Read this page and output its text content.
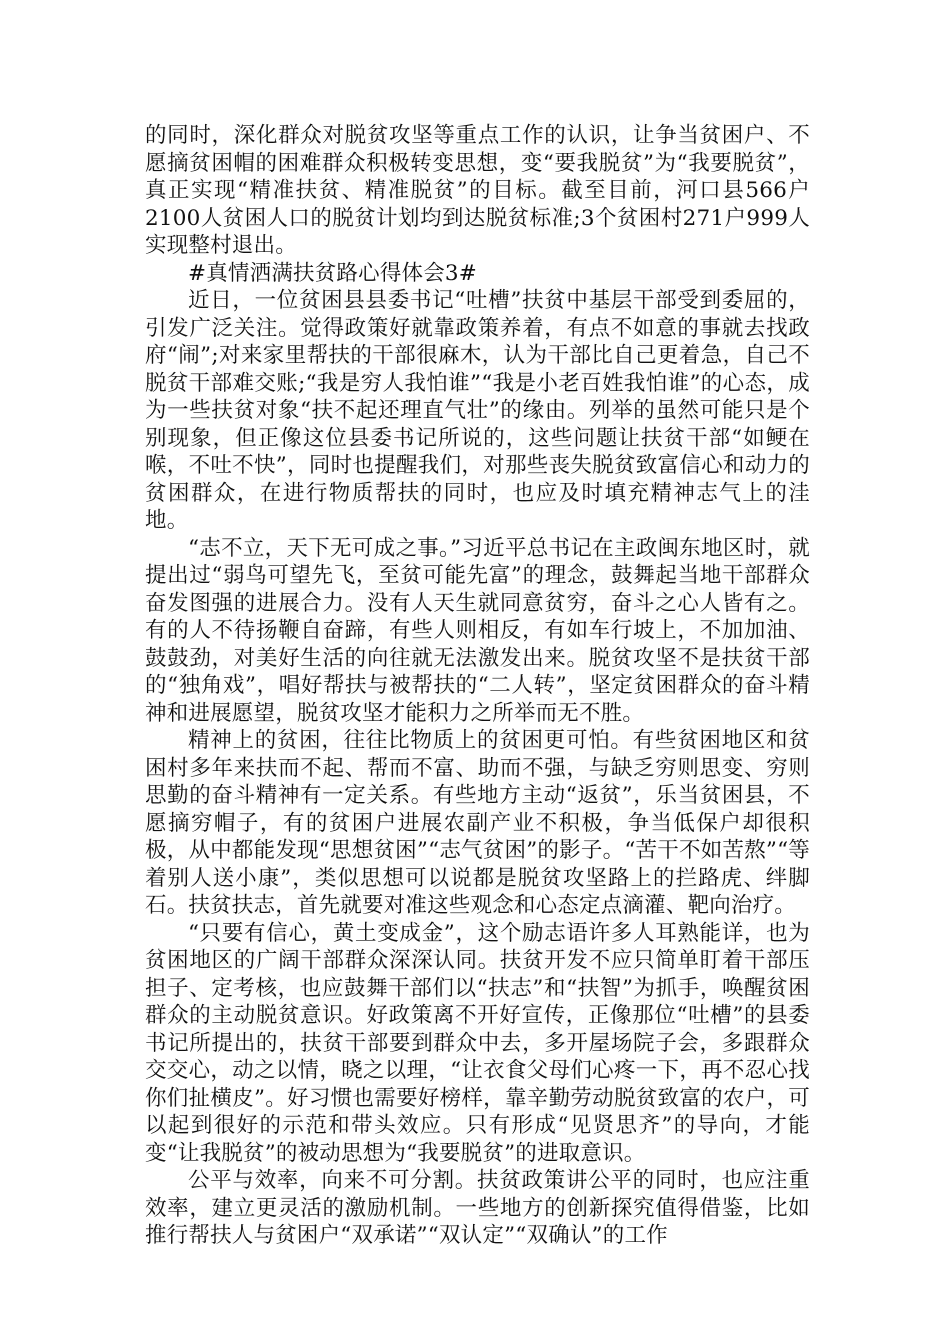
的同时，深化群众对脱贫攻坚等重点工作的认识，让争当贫困户、不愿摘贫困帽的困难群众积极转变思想，变“要我脱贫”为“我要脱贫”，真正实现“精准扶贫、精准脱贫”的目标。截至目前，河口县566户2100人贫困人口的脱贫计划均到达脱贫标准;3个贫困村271户999人实现整村退出。

#真情洒满扶贫路心得体会3#

近日，一位贫困县县委书记“吐槽”扶贫中基层干部受到委屈的，引发广泛关注。觉得政策好就靠政策养着，有点不如意的事就去找政府“闹”;对来家里帮扶的干部很麻木，认为干部比自己更着急，自己不脱贫干部难交账;“我是穷人我怕谁”“我是小老百姓我怕谁”的心态，成为一些扶贫对象“扶不起还理直气壮”的缘由。列举的虽然可能只是个别现象，但正像这位县委书记所说的，这些问题让扶贫干部“如鲠在喉，不吐不快”，同时也提醒我们，对那些丧失脱贫致富信心和动力的贫困群众，在进行物质帮扶的同时，也应及时填充精神志气上的洼地。

“志不立，天下无可成之事。”习近平总书记在主政闽东地区时，就提出过“弱鸟可望先飞，至贫可能先富”的理念，鼓舞起当地干部群众奋发图强的进展合力。没有人天生就同意贫穷，奋斗之心人皆有之。有的人不待扬鞭自奋蹄，有些人则相反，有如车行坡上，不加加油、鼓鼓劲，对美好生活的向往就无法激发出来。脱贫攻坚不是扶贫干部的“独角戏”，唱好帮扶与被帮扶的“二人转”，坚定贫困群众的奋斗精神和进展愿望，脱贫攻坚才能积力之所举而无不胜。

精神上的贫困，往往比物质上的贫困更可怕。有些贫困地区和贫困村多年来扶而不起、帮而不富、助而不强，与缺乏穷则思变、穷则思勤的奋斗精神有一定关系。有些地方主动“返贫”，乐当贫困县，不愿摘穷帽子，有的贫困户进展农副产业不积极，争当低保户却很积极，从中都能发现“思想贫困”“志气贫困”的影子。“苦干不如苦熬”“等着别人送小康”，类似思想可以说都是脱贫攻坚路上的拦路虎、绊脚石。扶贫扶志，首先就要对准这些观念和心态定点滴灌、靶向治疗。

“只要有信心，黄土变成金”，这个励志语许多人耳熟能详，也为贫困地区的广阔干部群众深深认同。扶贫开发不应只简单盯着干部压担子、定考核，也应鼓舞干部们以“扶志”和“扶智”为抓手，唤醒贫困群众的主动脱贫意识。好政策离不开好宣传，正像那位“吐槽”的县委书记所提出的，扶贫干部要到群众中去，多开屋场院子会，多跟群众交交心，动之以情，晓之以理，“让衣食父母们心疼一下，再不忍心找你们扯横皮”。好习惯也需要好榜样，靠辛勤劳动脱贫致富的农户，可以起到很好的示范和带头效应。只有形成“见贤思齐”的导向，才能变“让我脱贫”的被动思想为“我要脱贫”的进取意识。

公平与效率，向来不可分割。扶贫政策讲公平的同时，也应注重效率，建立更灵活的激励机制。一些地方的创新探究值得借鉴，比如推行帮扶人与贫困户“双承诺”“双认定”“双确认”的工作
